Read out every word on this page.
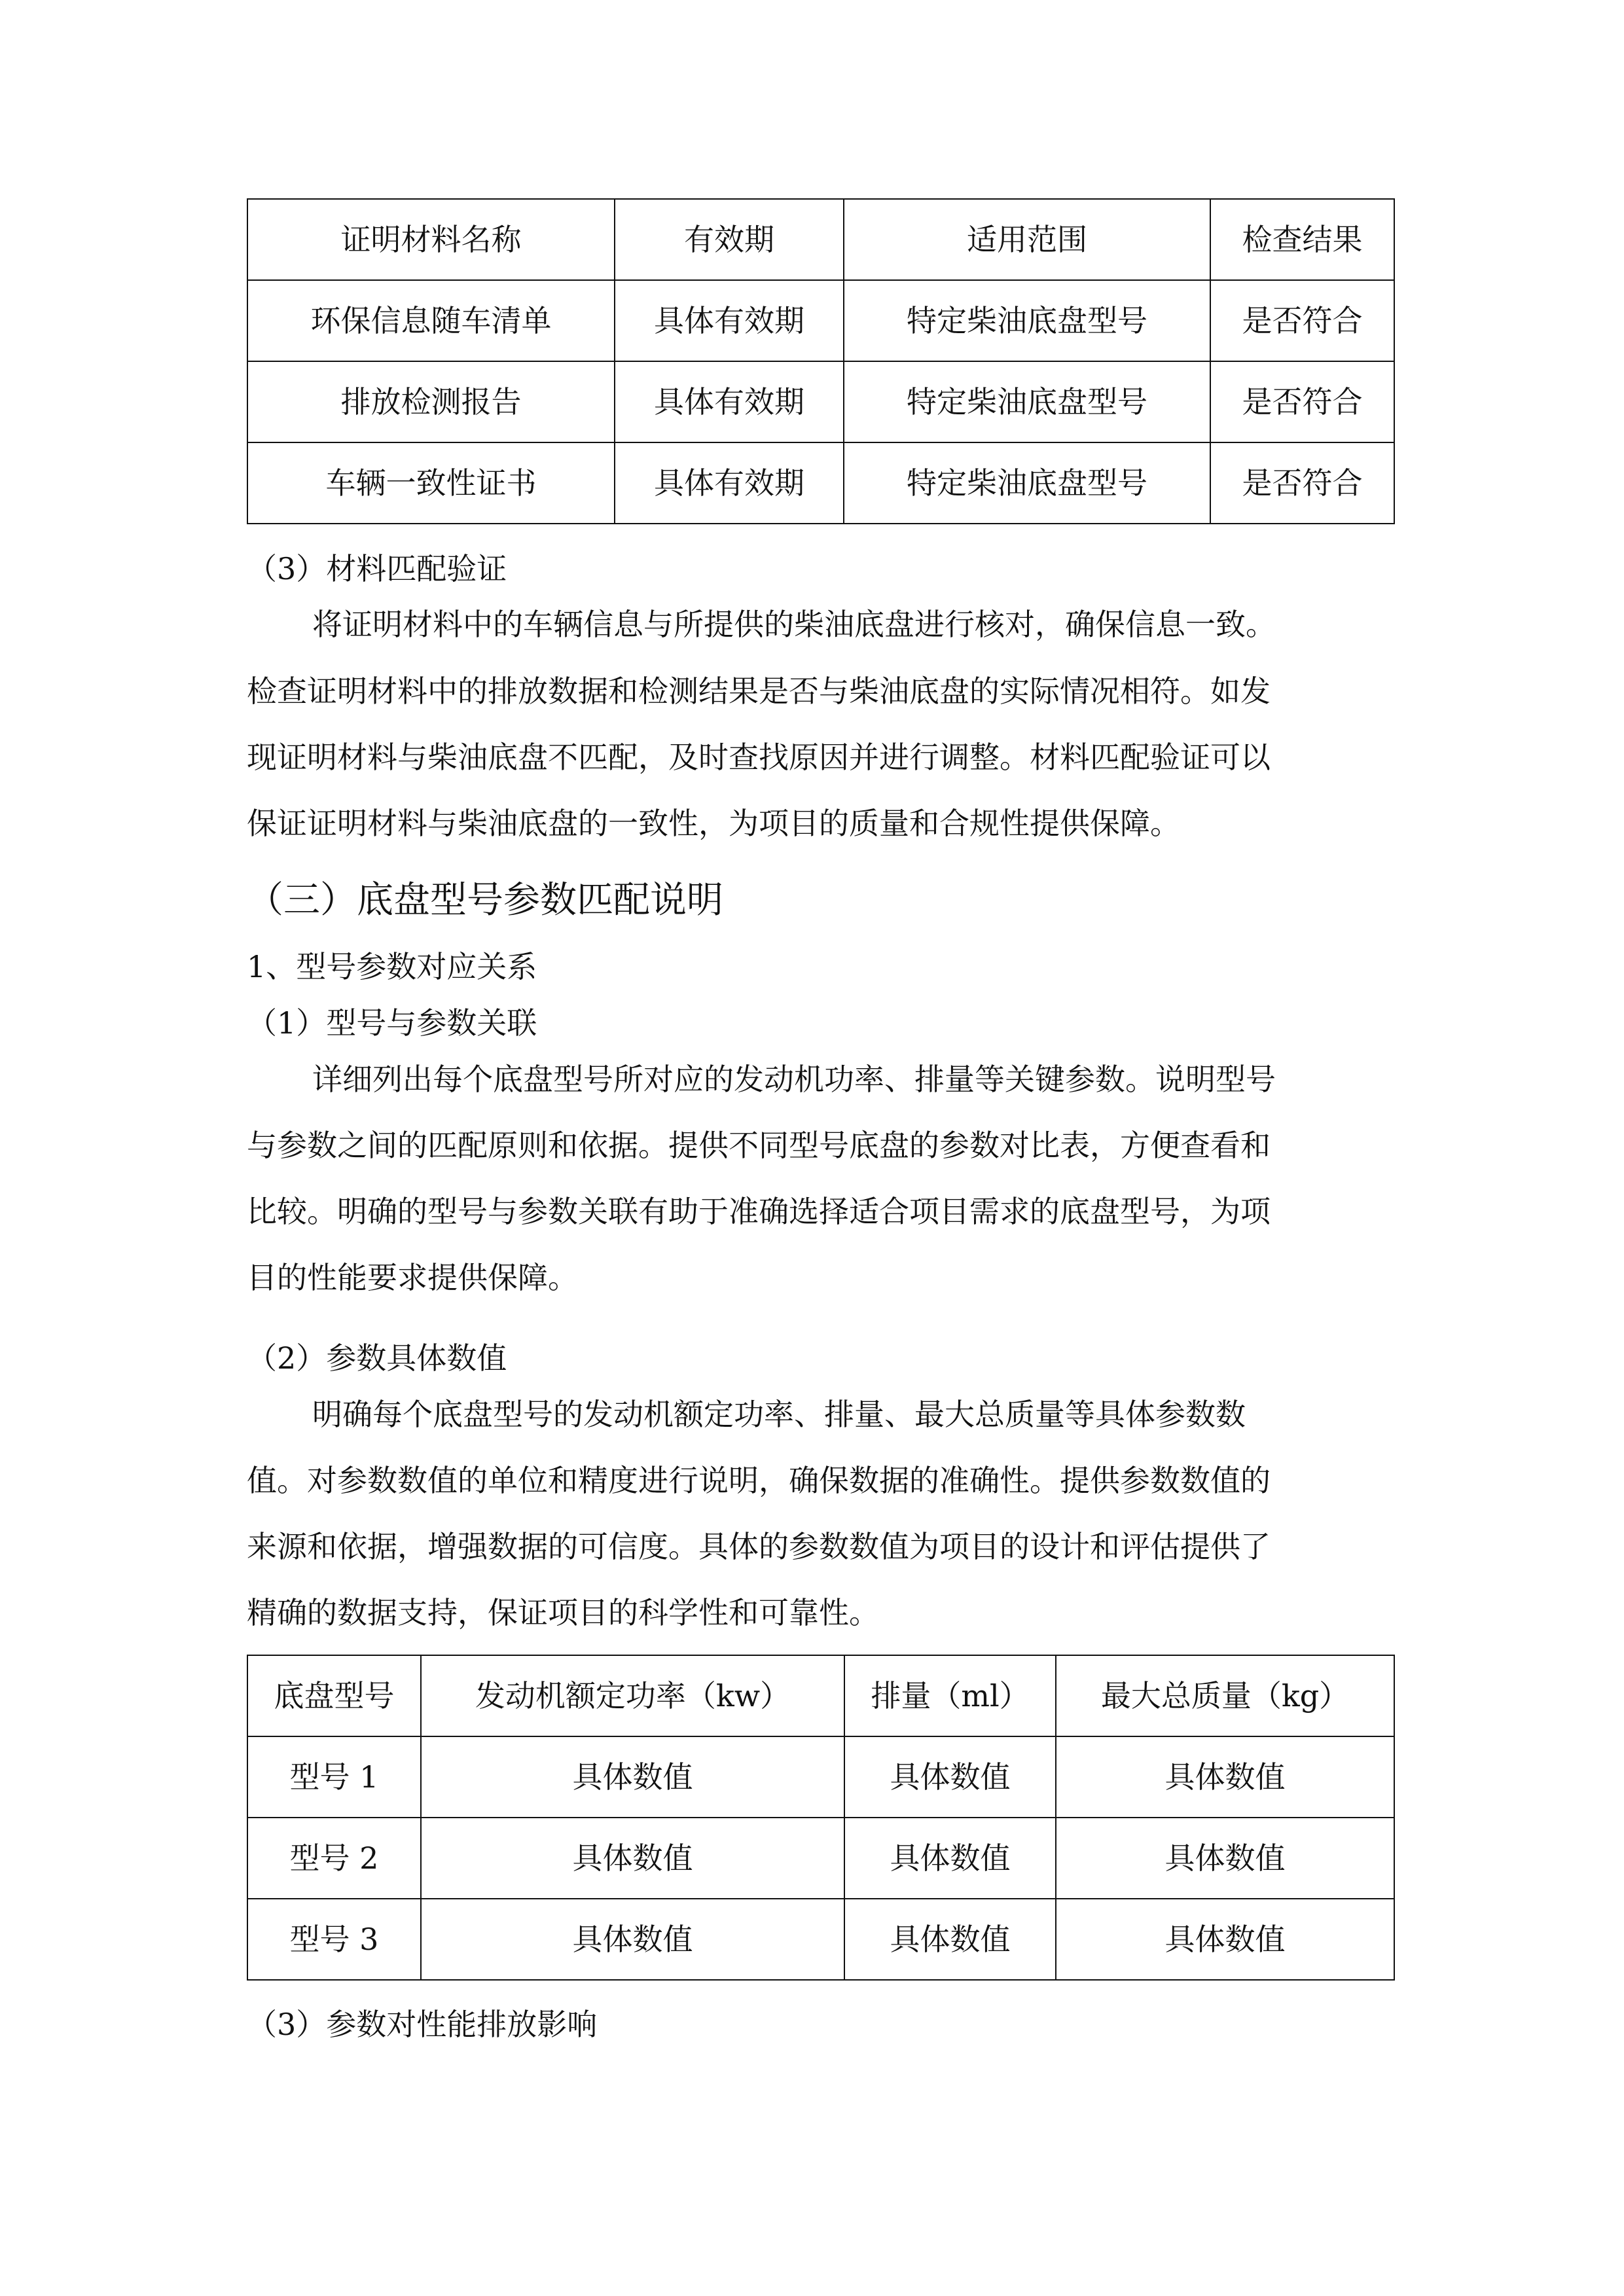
证明材料名称	有效期	适用范围	检查结果
环保信息随车清单	具体有效期	特定柴油底盘型号	是否符合
排放检测报告	具体有效期	特定柴油底盘型号	是否符合
车辆一致性证书	具体有效期	特定柴油底盘型号	是否符合
（3）材料匹配验证
将证明材料中的车辆信息与所提供的柴油底盘进行核对，确保信息一致。
检查证明材料中的排放数据和检测结果是否与柴油底盘的实际情况相符。如发
现证明材料与柴油底盘不匹配，及时查找原因并进行调整。材料匹配验证可以
保证证明材料与柴油底盘的一致性，为项目的质量和合规性提供保障。
（三）底盘型号参数匹配说明
1、型号参数对应关系
（1）型号与参数关联
详细列出每个底盘型号所对应的发动机功率、排量等关键参数。说明型号
与参数之间的匹配原则和依据。提供不同型号底盘的参数对比表，方便查看和
比较。明确的型号与参数关联有助于准确选择适合项目需求的底盘型号，为项
目的性能要求提供保障。
（2）参数具体数值
明确每个底盘型号的发动机额定功率、排量、最大总质量等具体参数数
值。对参数数值的单位和精度进行说明，确保数据的准确性。提供参数数值的
来源和依据，增强数据的可信度。具体的参数数值为项目的设计和评估提供了
精确的数据支持，保证项目的科学性和可靠性。
底盘型号	发动机额定功率（kw）	排量（ml）	最大总质量（kg）
型号 1	具体数值	具体数值	具体数值
型号 2	具体数值	具体数值	具体数值
型号 3	具体数值	具体数值	具体数值
（3）参数对性能排放影响
